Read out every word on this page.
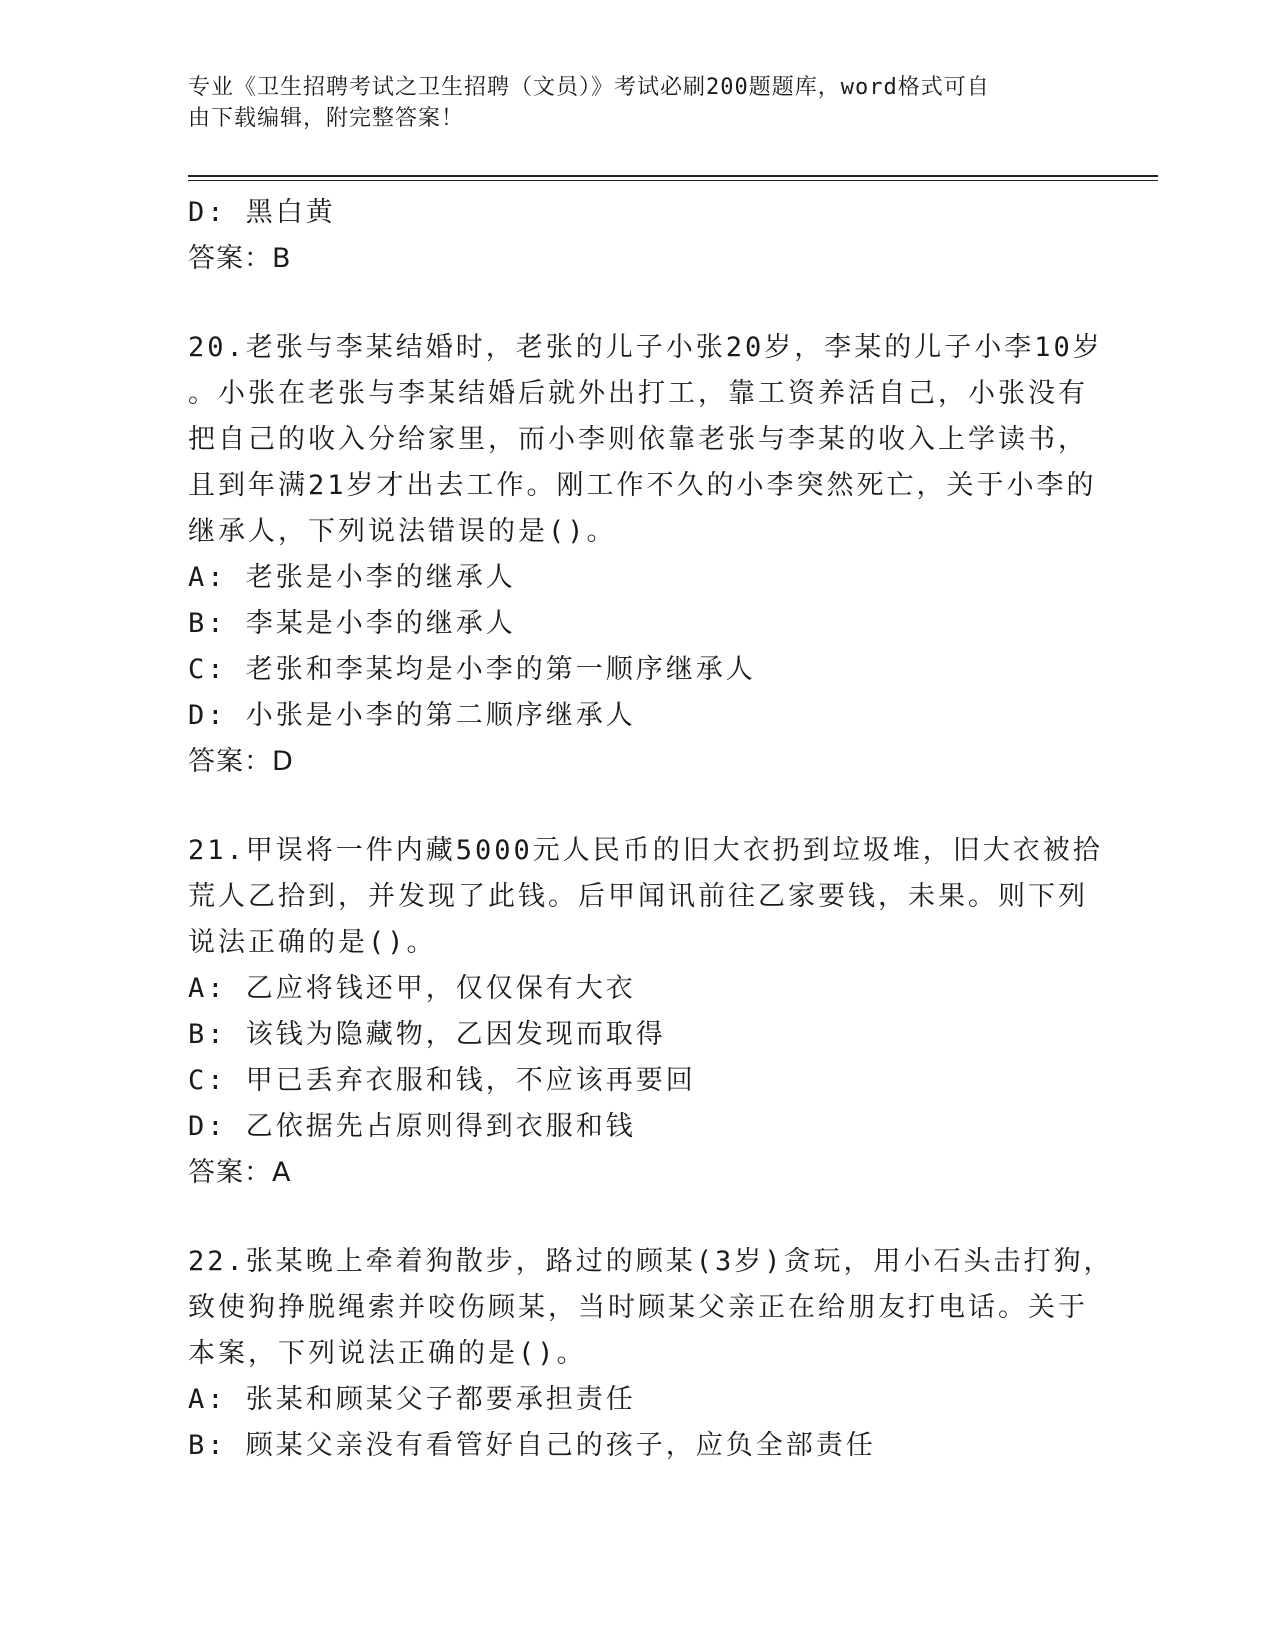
专业《卫生招聘考试之卫生招聘（文员）》考试必刷200题题库，word格式可自
由下载编辑，附完整答案！
D: 黑白黄
答案：B
20.老张与李某结婚时，老张的儿子小张20岁，李某的儿子小李10岁
。小张在老张与李某结婚后就外出打工，靠工资养活自己，小张没有
把自己的收入分给家里，而小李则依靠老张与李某的收入上学读书，
且到年满21岁才出去工作。刚工作不久的小李突然死亡，关于小李的
继承人，下列说法错误的是()。
A: 老张是小李的继承人
B: 李某是小李的继承人
C: 老张和李某均是小李的第一顺序继承人
D: 小张是小李的第二顺序继承人
答案：D
21.甲误将一件内藏5000元人民币的旧大衣扔到垃圾堆，旧大衣被拾
荒人乙拾到，并发现了此钱。后甲闻讯前往乙家要钱，未果。则下列
说法正确的是()。
A: 乙应将钱还甲，仅仅保有大衣
B: 该钱为隐藏物，乙因发现而取得
C: 甲已丢弃衣服和钱，不应该再要回
D: 乙依据先占原则得到衣服和钱
答案：A
22.张某晚上牵着狗散步，路过的顾某(3岁)贪玩，用小石头击打狗，
致使狗挣脱绳索并咬伤顾某，当时顾某父亲正在给朋友打电话。关于
本案，下列说法正确的是()。
A: 张某和顾某父子都要承担责任
B: 顾某父亲没有看管好自己的孩子，应负全部责任
